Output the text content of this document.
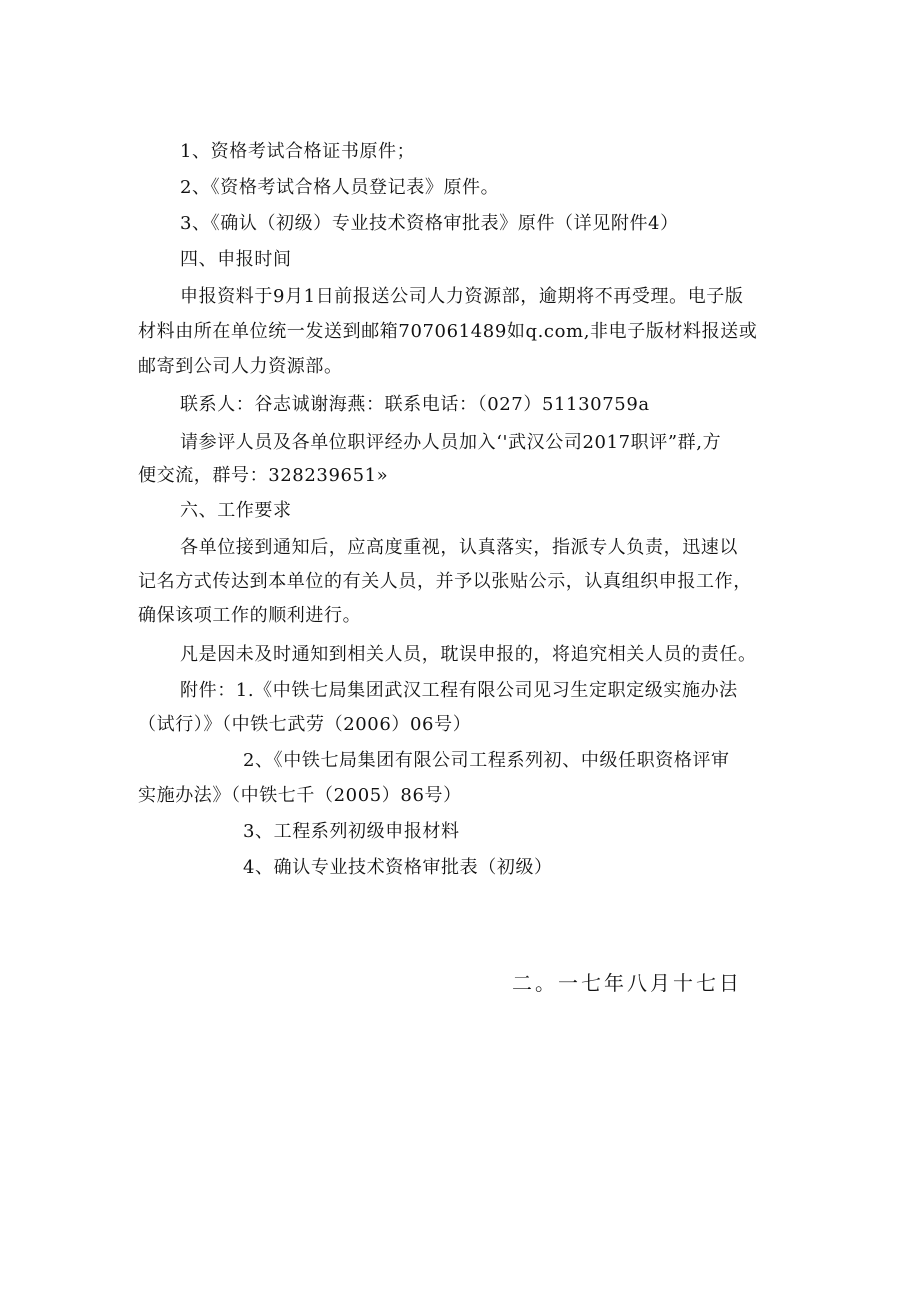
1、资格考试合格证书原件；
2、《资格考试合格人员登记表》原件。
3、《确认（初级）专业技术资格审批表》原件（详见附件4）
四、申报时间
申报资料于9月1日前报送公司人力资源部，逾期将不再受理。电子版
材料由所在单位统一发送到邮箱707061489如q.com,非电子版材料报送或
邮寄到公司人力资源部。
联系人：谷志诚谢海燕：联系电话：（027）51130759a
请参评人员及各单位职评经办人员加入‘'武汉公司2017职评”群,方
便交流，群号：328239651»
六、工作要求
各单位接到通知后，应高度重视，认真落实，指派专人负责，迅速以
记名方式传达到本单位的有关人员，并予以张贴公示，认真组织申报工作，
确保该项工作的顺利进行。
凡是因未及时通知到相关人员，耽误申报的，将追究相关人员的责任。
附件：1.《中铁七局集团武汉工程有限公司见习生定职定级实施办法
（试行）》（中铁七武劳（2006）06号）
2、《中铁七局集团有限公司工程系列初、中级任职资格评审
实施办法》（中铁七千（2005）86号）
3、工程系列初级申报材料
4、确认专业技术资格审批表（初级）
二。一七年八月十七日
